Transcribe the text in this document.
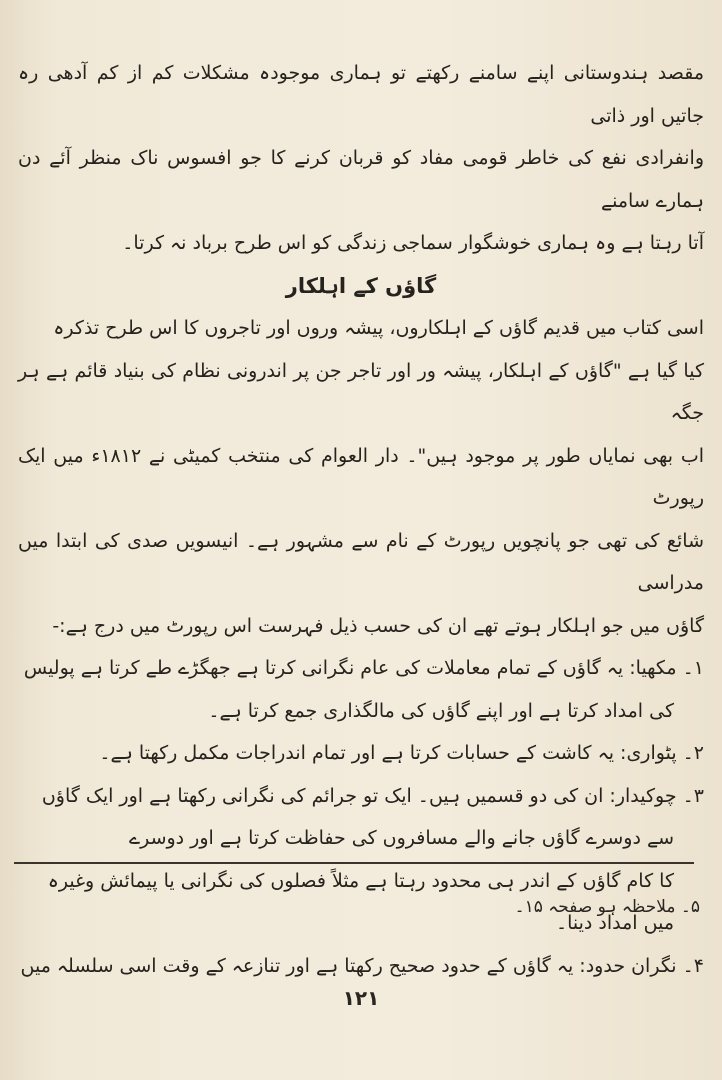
مقصد ہندوستانی اپنے سامنے رکھتے تو ہماری موجودہ مشکلات کم از کم آدھی رہ جاتیں اور ذاتی

وانفرادی نفع کی خاطر قومی مفاد کو قربان کرنے کا جو افسوس ناک منظر آئے دن ہمارے سامنے

آتا رہتا ہے وہ ہماری خوشگوار سماجی زندگی کو اس طرح برباد نہ کرتا۔

گاؤں کے اہلکار

اسی کتاب میں قدیم گاؤں کے اہلکاروں، پیشہ وروں اور تاجروں کا اس طرح تذکرہ

کیا گیا ہے "گاؤں کے اہلکار، پیشہ ور اور تاجر جن پر اندرونی نظام کی بنیاد قائم ہے ہر جگہ

اب بھی نمایاں طور پر موجود ہیں"۔ دار العوام کی منتخب کمیٹی نے ۱۸۱۲ء میں ایک رپورٹ

شائع کی تھی جو پانچویں رپورٹ کے نام سے مشہور ہے۔ انیسویں صدی کی ابتدا میں مدراسی

گاؤں میں جو اہلکار ہوتے تھے ان کی حسب ذیل فہرست اس رپورٹ میں درج ہے:-

۱۔ مکھیا: یہ گاؤں کے تمام معاملات کی عام نگرانی کرتا ہے جھگڑے طے کرتا ہے پولیس

کی امداد کرتا ہے اور اپنے گاؤں کی مالگذاری جمع کرتا ہے۔

۲۔ پٹواری: یہ کاشت کے حسابات کرتا ہے اور تمام اندراجات مکمل رکھتا ہے۔

۳۔ چوکیدار: ان کی دو قسمیں ہیں۔ ایک تو جرائم کی نگرانی رکھتا ہے اور ایک گاؤں

سے دوسرے گاؤں جانے والے مسافروں کی حفاظت کرتا ہے اور دوسرے

کا کام گاؤں کے اندر ہی محدود رہتا ہے مثلاً فصلوں کی نگرانی یا پیمائش وغیرہ

میں امداد دینا۔

۴۔ نگران حدود: یہ گاؤں کے حدود صحیح رکھتا ہے اور تنازعہ کے وقت اسی سلسلہ میں

۵۔ ملاحظہ ہو صفحہ ۱۵۔
۱۲۱
